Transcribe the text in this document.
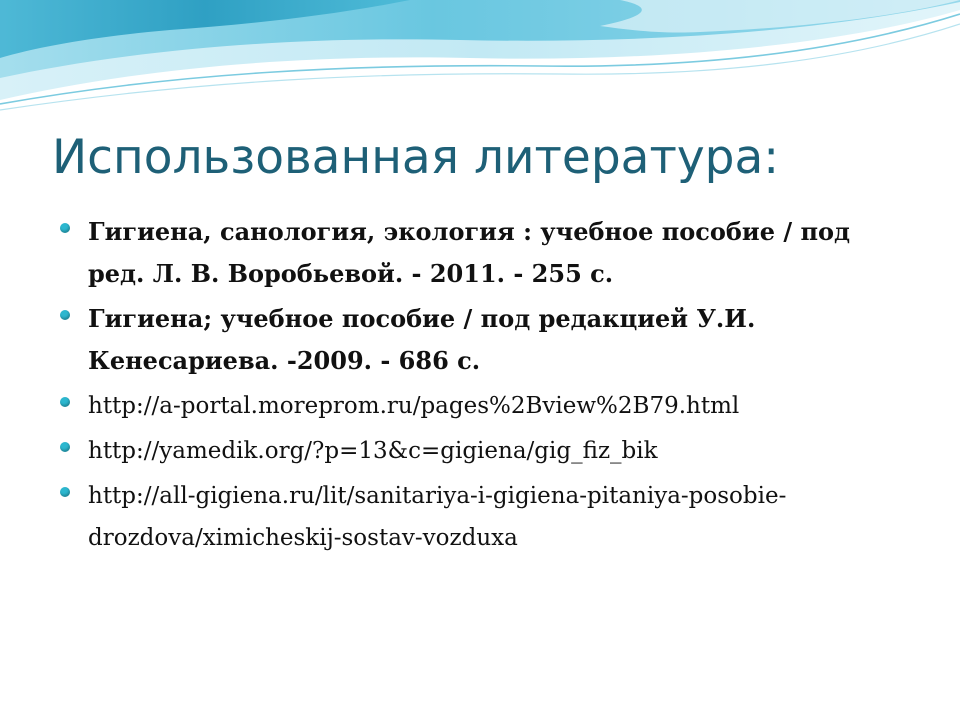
Использованная литература:
Гигиена, санология, экология : учебное пособие / под ред. Л. В. Воробьевой. - 2011. - 255 с.
Гигиена; учебное пособие / под редакцией У.И. Кенесариева. -2009. - 686 с.
http://a-portal.moreprom.ru/pages%2Bview%2B79.html
http://yamedik.org/?p=13&c=gigiena/gig_fiz_bik
http://all-gigiena.ru/lit/sanitariya-i-gigiena-pitaniya-posobie-drozdova/ximicheskij-sostav-vozduxa
